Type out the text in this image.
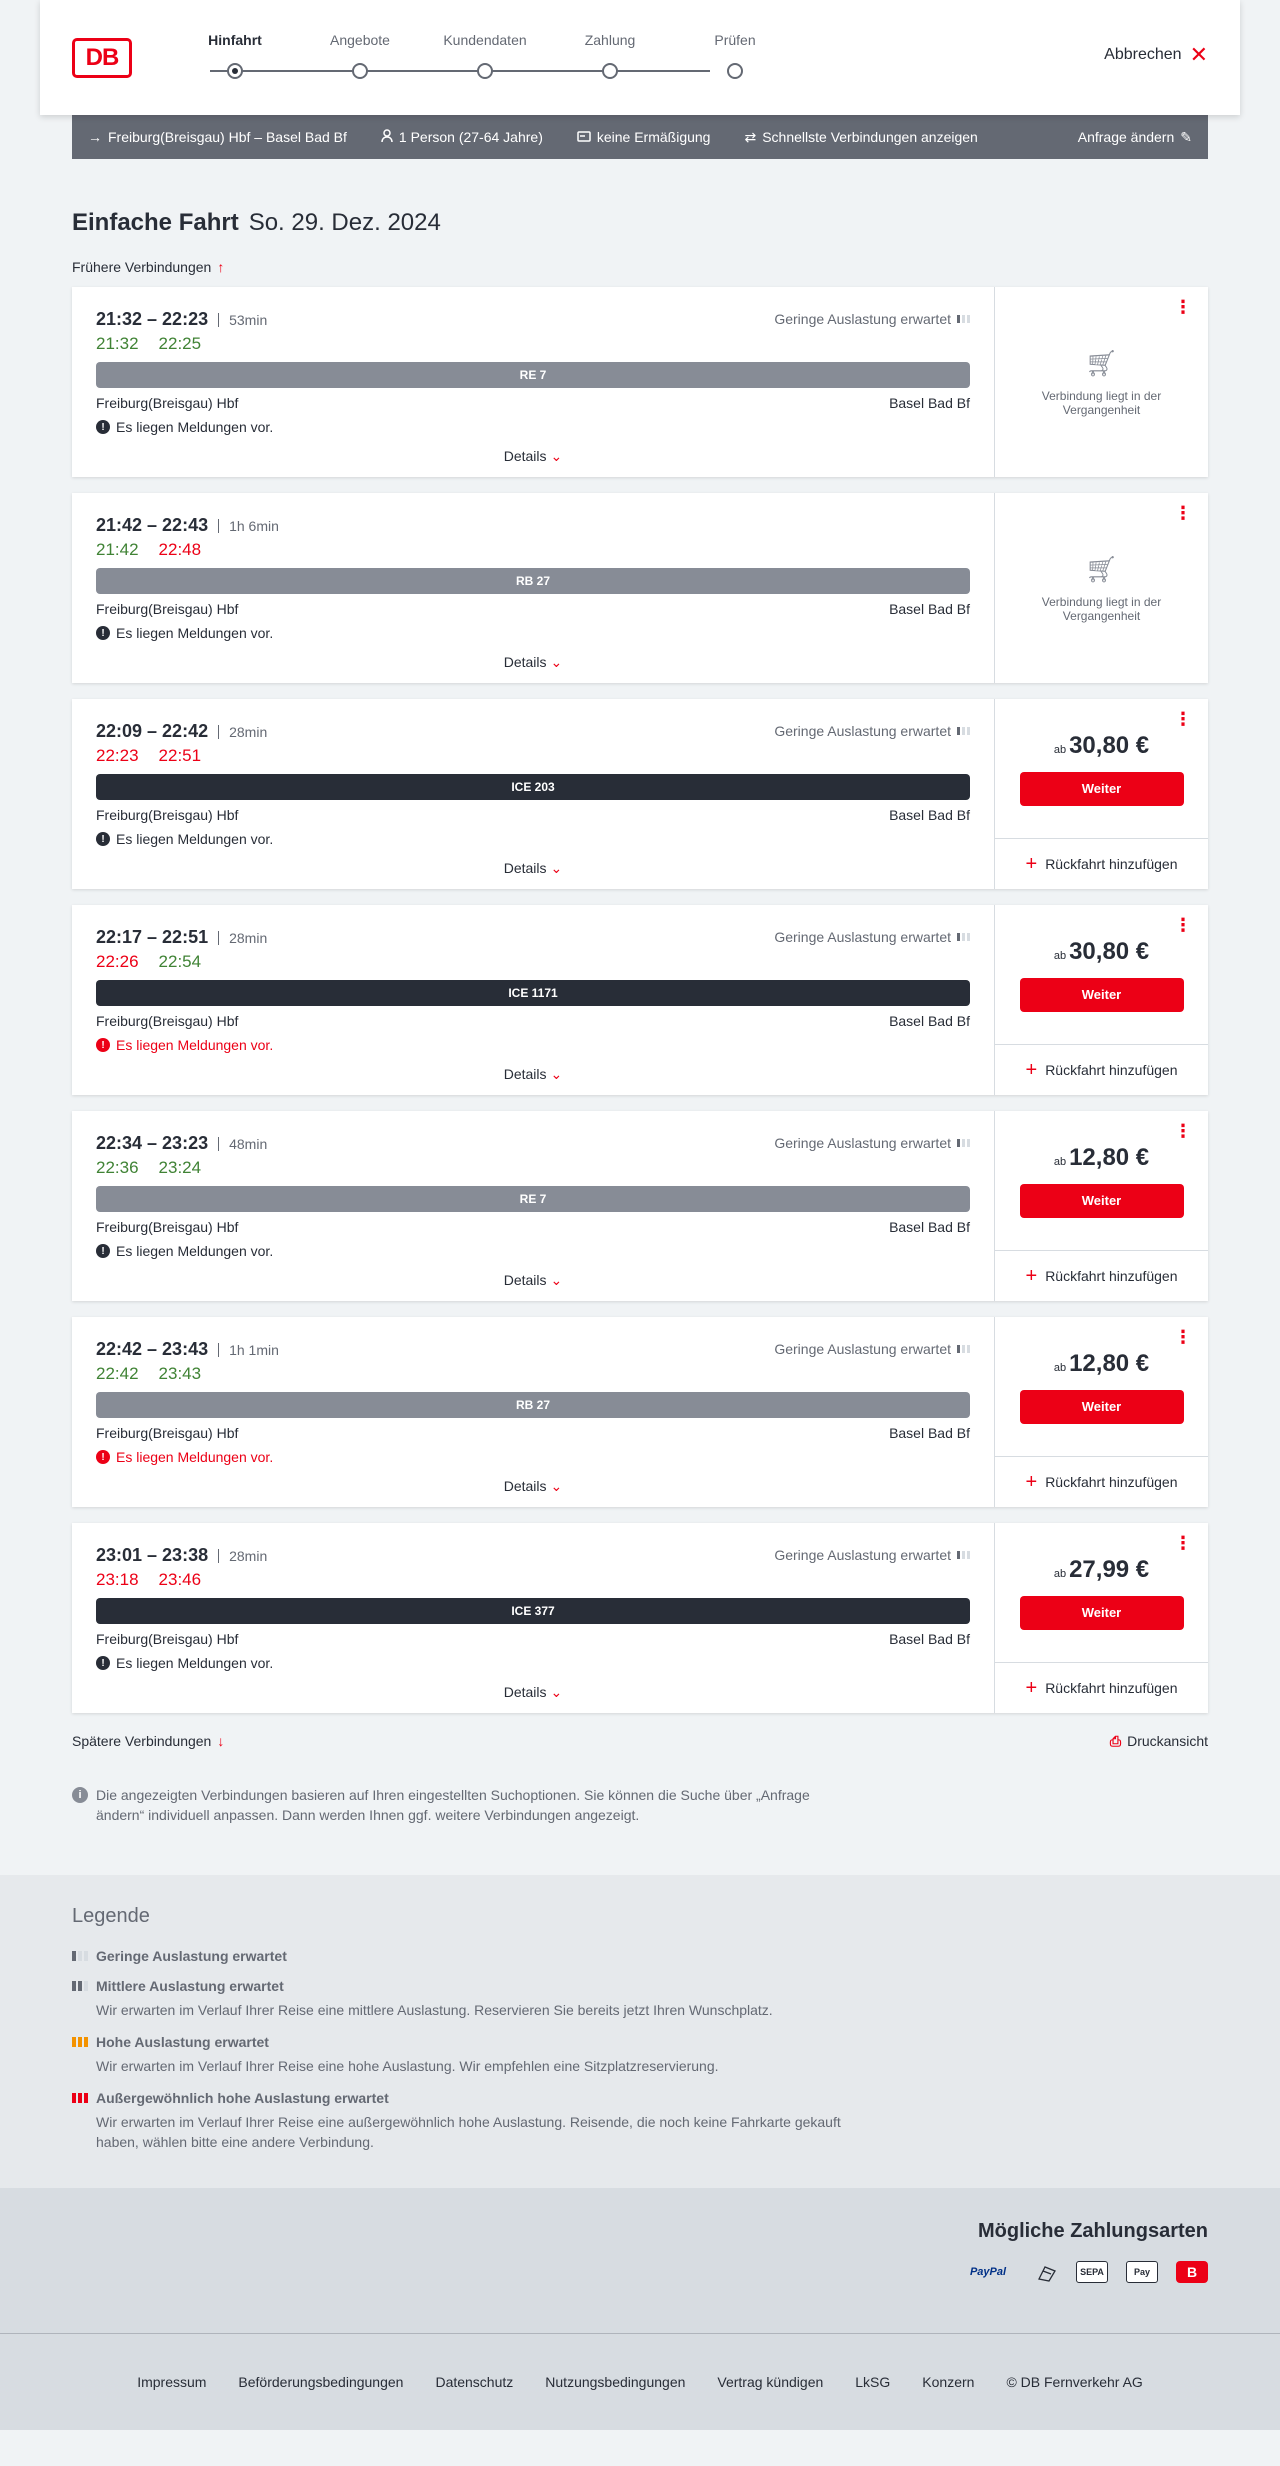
DB
Hinfahrt	Angebote	Kundendaten	Zahlung	Prüfen
Abbrechen ✕
→ Freiburg(Breisgau) Hbf – Basel Bad Bf	1 Person (27-64 Jahre)	keine Ermäßigung ⇄ Schnellste Verbindungen anzeigen	Anfrage ändern ✎
Einfache Fahrt So. 29. Dez. 2024
Frühere Verbindungen ↑
21:32 – 22:23	53min	Geringe Auslastung erwartet
21:32 22:25
RE 7
Freiburg(Breisgau) Hbf	Basel Bad Bf
! Es liegen Meldungen vor.
Details ⌄
⋮
🛒︎
Verbindung liegt in der Vergangenheit
21:42 – 22:43	1h 6min
21:42 22:48
RB 27
Freiburg(Breisgau) Hbf	Basel Bad Bf
! Es liegen Meldungen vor.
Details ⌄
⋮
🛒︎
Verbindung liegt in der Vergangenheit
22:09 – 22:42	28min	Geringe Auslastung erwartet
22:23 22:51
ICE 203
Freiburg(Breisgau) Hbf	Basel Bad Bf
! Es liegen Meldungen vor.
Details ⌄
⋮
ab 30,80 €
Weiter
+ Rückfahrt hinzufügen
22:17 – 22:51	28min	Geringe Auslastung erwartet
22:26 22:54
ICE 1171
Freiburg(Breisgau) Hbf	Basel Bad Bf
! Es liegen Meldungen vor.
Details ⌄
⋮
ab 30,80 €
Weiter
+ Rückfahrt hinzufügen
22:34 – 23:23	48min	Geringe Auslastung erwartet
22:36 23:24
RE 7
Freiburg(Breisgau) Hbf	Basel Bad Bf
! Es liegen Meldungen vor.
Details ⌄
⋮
ab 12,80 €
Weiter
+ Rückfahrt hinzufügen
22:42 – 23:43	1h 1min	Geringe Auslastung erwartet
22:42 23:43
RB 27
Freiburg(Breisgau) Hbf	Basel Bad Bf
! Es liegen Meldungen vor.
Details ⌄
⋮
ab 12,80 €
Weiter
+ Rückfahrt hinzufügen
23:01 – 23:38	28min	Geringe Auslastung erwartet
23:18 23:46
ICE 377
Freiburg(Breisgau) Hbf	Basel Bad Bf
! Es liegen Meldungen vor.
Details ⌄
⋮
ab 27,99 €
Weiter
+ Rückfahrt hinzufügen
Spätere Verbindungen ↓	⎙ Druckansicht
i	Die angezeigten Verbindungen basieren auf Ihren eingestellten Suchoptionen. Sie können die Suche über „Anfrage ändern“ individuell anpassen. Dann werden Ihnen ggf. weitere Verbindungen angezeigt.
Legende
Geringe Auslastung erwartet
Mittlere Auslastung erwartet
Wir erwarten im Verlauf Ihrer Reise eine mittlere Auslastung. Reservieren Sie bereits jetzt Ihren Wunschplatz.
Hohe Auslastung erwartet
Wir erwarten im Verlauf Ihrer Reise eine hohe Auslastung. Wir empfehlen eine Sitzplatzreservierung.
Außergewöhnlich hohe Auslastung erwartet
Wir erwarten im Verlauf Ihrer Reise eine außergewöhnlich hohe Auslastung. Reisende, die noch keine Fahrkarte gekauft haben, wählen bitte eine andere Verbindung.
Mögliche Zahlungsarten
PayPal	SEPA	Pay	B
Impressum Beförderungsbedingungen Datenschutz Nutzungsbedingungen Vertrag kündigen LkSG Konzern © DB Fernverkehr AG
